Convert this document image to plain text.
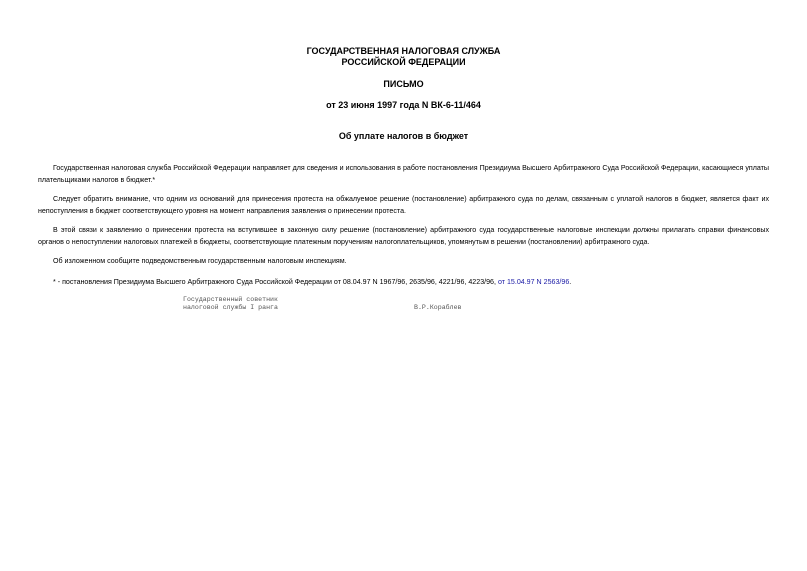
ГОСУДАРСТВЕННАЯ НАЛОГОВАЯ СЛУЖБА
РОССИЙСКОЙ ФЕДЕРАЦИИ
ПИСЬМО
от 23 июня 1997 года N ВК-6-11/464
Об уплате налогов в бюджет

Государственная налоговая служба Российской Федерации направляет для сведения и использования в работе постановления Президиума Высшего Арбитражного Суда Российской Федерации, касающиеся уплаты плательщиками налогов в бюджет.*

Следует обратить внимание, что одним из оснований для принесения протеста на обжалуемое решение (постановление) арбитражного суда по делам, связанным с уплатой налогов в бюджет, является факт их непоступления в бюджет соответствующего уровня на момент направления заявления о принесении протеста.

В этой связи к заявлению о принесении протеста на вступившее в законную силу решение (постановление) арбитражного суда государственные налоговые инспекции должны прилагать справки финансовых органов о непоступлении налоговых платежей в бюджеты, соответствующие платежным поручениям налогоплательщиков, упомянутым в решении (постановлении) арбитражного суда.

Об изложенном сообщите подведомственным государственным налоговым инспекциям.

* - постановления Президиума Высшего Арбитражного Суда Российской Федерации от 08.04.97 N 1967/96, 2635/96, 4221/96, 4223/96, от 15.04.97 N 2563/96.

Государственный советник
налоговой службы I ранга	В.Р.Кораблев
